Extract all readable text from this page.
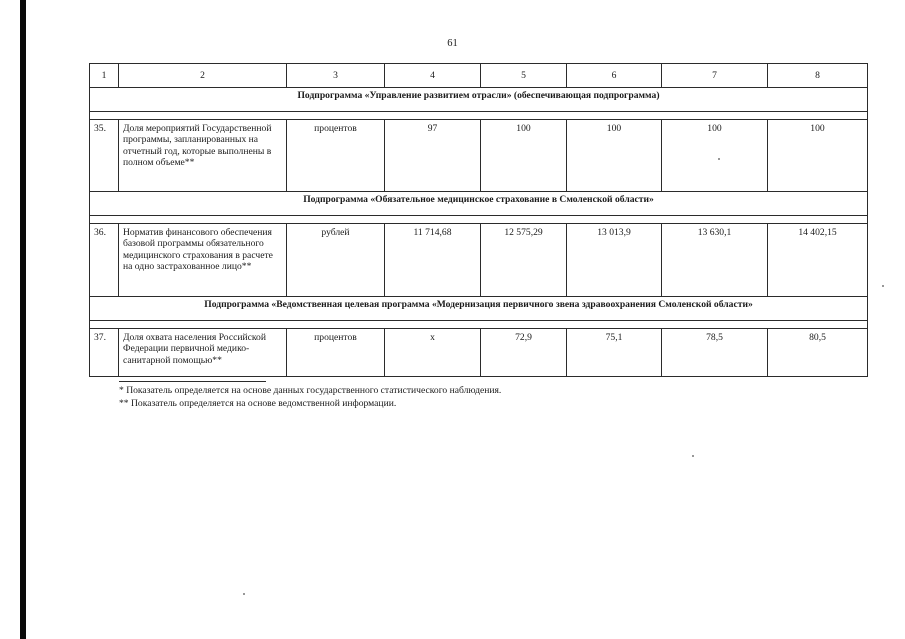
61
1	2	3	4	5	6	7	8
Подпрограмма «Управление развитием отрасли» (обеспечивающая подпрограмма)							

35.	Доля мероприятий Государственной программы, запланированных на отчетный год, которые выполнены в полном объеме**	процентов	97	100	100	100	100
Подпрограмма «Обязательное медицинское страхование в Смоленской области»							

36.	Норматив финансового обеспечения базовой программы обязательного медицинского страхования в расчете на одно застрахованное лицо**	рублей	11 714,68	12 575,29	13 013,9	13 630,1	14 402,15
Подпрограмма «Ведомственная целевая программа «Модернизация первичного звена здравоохранения Смоленской области»							

37.	Доля охвата населения Российской Федерации первичной медико-санитарной помощью**	процентов	х	72,9	75,1	78,5	80,5
* Показатель определяется на основе данных государственного статистического наблюдения.
** Показатель определяется на основе ведомственной информации.
